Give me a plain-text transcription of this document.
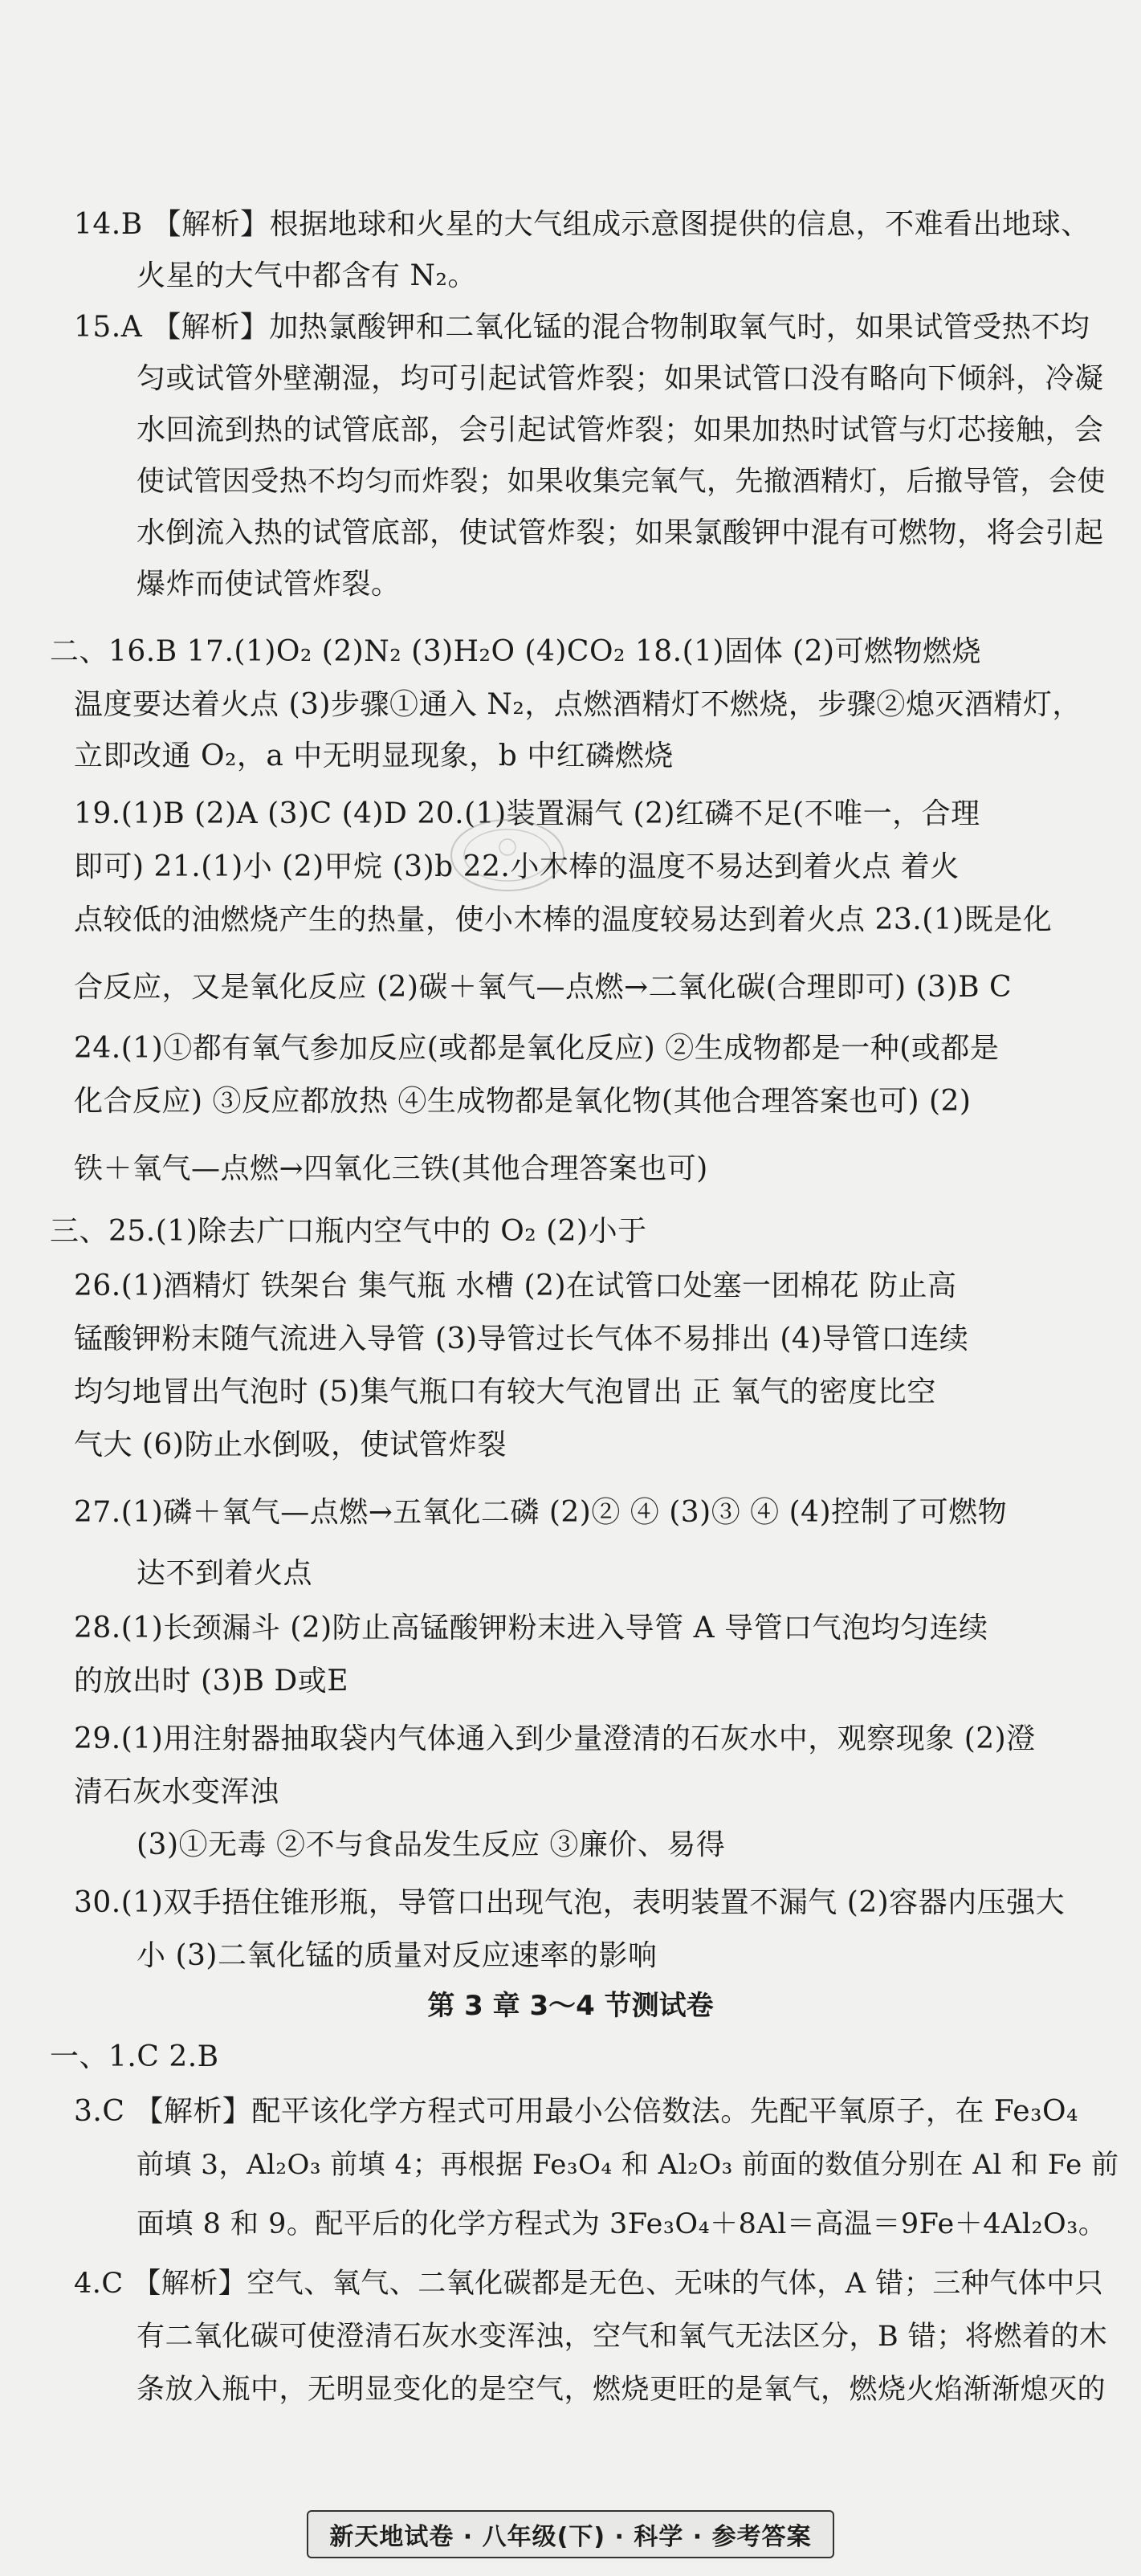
14.B 【解析】根据地球和火星的大气组成示意图提供的信息，不难看出地球、
火星的大气中都含有 N₂。
15.A 【解析】加热氯酸钾和二氧化锰的混合物制取氧气时，如果试管受热不均
匀或试管外壁潮湿，均可引起试管炸裂；如果试管口没有略向下倾斜，冷凝
水回流到热的试管底部，会引起试管炸裂；如果加热时试管与灯芯接触，会
使试管因受热不均匀而炸裂；如果收集完氧气，先撤酒精灯，后撤导管，会使
水倒流入热的试管底部，使试管炸裂；如果氯酸钾中混有可燃物，将会引起
爆炸而使试管炸裂。
二、16.B 17.(1)O₂ (2)N₂ (3)H₂O (4)CO₂ 18.(1)固体 (2)可燃物燃烧
温度要达着火点 (3)步骤①通入 N₂，点燃酒精灯不燃烧，步骤②熄灭酒精灯，
立即改通 O₂，a 中无明显现象，b 中红磷燃烧
19.(1)B (2)A (3)C (4)D 20.(1)装置漏气 (2)红磷不足(不唯一，合理
即可) 21.(1)小 (2)甲烷 (3)b 22.小木棒的温度不易达到着火点 着火
点较低的油燃烧产生的热量，使小木棒的温度较易达到着火点 23.(1)既是化
合反应，又是氧化反应 (2)碳＋氧气—点燃→二氧化碳(合理即可) (3)B C
24.(1)①都有氧气参加反应(或都是氧化反应) ②生成物都是一种(或都是
化合反应) ③反应都放热 ④生成物都是氧化物(其他合理答案也可) (2)
铁＋氧气—点燃→四氧化三铁(其他合理答案也可)
三、25.(1)除去广口瓶内空气中的 O₂ (2)小于
26.(1)酒精灯 铁架台 集气瓶 水槽 (2)在试管口处塞一团棉花 防止高
锰酸钾粉末随气流进入导管 (3)导管过长气体不易排出 (4)导管口连续
均匀地冒出气泡时 (5)集气瓶口有较大气泡冒出 正 氧气的密度比空
气大 (6)防止水倒吸，使试管炸裂
27.(1)磷＋氧气—点燃→五氧化二磷 (2)② ④ (3)③ ④ (4)控制了可燃物
达不到着火点
28.(1)长颈漏斗 (2)防止高锰酸钾粉末进入导管 A 导管口气泡均匀连续
的放出时 (3)B D或E
29.(1)用注射器抽取袋内气体通入到少量澄清的石灰水中，观察现象 (2)澄
清石灰水变浑浊
(3)①无毒 ②不与食品发生反应 ③廉价、易得
30.(1)双手捂住锥形瓶，导管口出现气泡，表明装置不漏气 (2)容器内压强大
小 (3)二氧化锰的质量对反应速率的影响
第 3 章 3～4 节测试卷
一、1.C 2.B
3.C 【解析】配平该化学方程式可用最小公倍数法。先配平氧原子，在 Fe₃O₄
前填 3，Al₂O₃ 前填 4；再根据 Fe₃O₄ 和 Al₂O₃ 前面的数值分别在 Al 和 Fe 前
面填 8 和 9。配平后的化学方程式为 3Fe₃O₄＋8Al＝高温＝9Fe＋4Al₂O₃。
4.C 【解析】空气、氧气、二氧化碳都是无色、无味的气体，A 错；三种气体中只
有二氧化碳可使澄清石灰水变浑浊，空气和氧气无法区分，B 错；将燃着的木
条放入瓶中，无明显变化的是空气，燃烧更旺的是氧气，燃烧火焰渐渐熄灭的
新天地试卷 · 八年级(下) · 科学 · 参考答案
